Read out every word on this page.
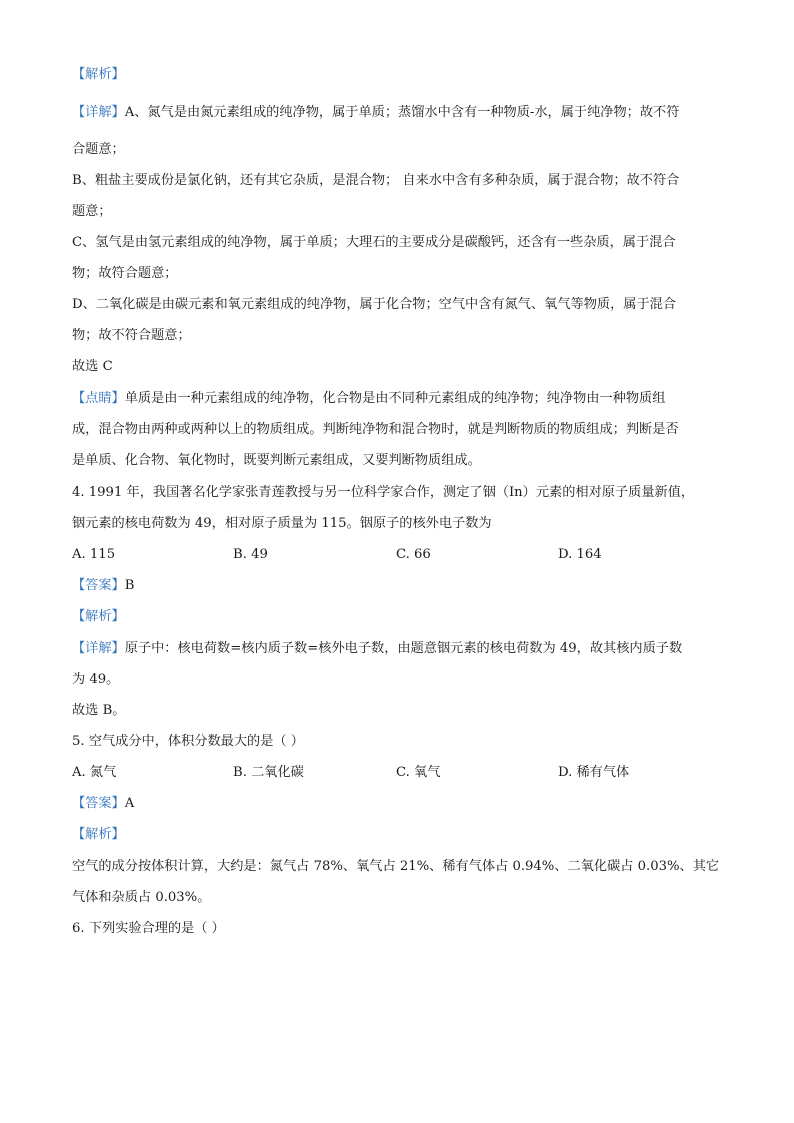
【解析】
【详解】A、氮气是由氮元素组成的纯净物，属于单质；蒸馏水中含有一种物质-水，属于纯净物；故不符
合题意；
B、粗盐主要成份是氯化钠，还有其它杂质，是混合物； 自来水中含有多种杂质，属于混合物；故不符合
题意；
C、氢气是由氢元素组成的纯净物，属于单质；大理石的主要成分是碳酸钙，还含有一些杂质，属于混合
物；故符合题意；
D、二氧化碳是由碳元素和氧元素组成的纯净物，属于化合物；空气中含有氮气、氧气等物质，属于混合
物；故不符合题意；
故选 C
【点睛】单质是由一种元素组成的纯净物，化合物是由不同种元素组成的纯净物；纯净物由一种物质组
成，混合物由两种或两种以上的物质组成。判断纯净物和混合物时，就是判断物质的物质组成；判断是否
是单质、化合物、氧化物时，既要判断元素组成，又要判断物质组成。
4. 1991 年，我国著名化学家张青莲教授与另一位科学家合作，测定了铟（In）元素的相对原子质量新值，
铟元素的核电荷数为 49，相对原子质量为 115。铟原子的核外电子数为
A. 115	B. 49	C. 66	D. 164
【答案】B
【解析】
【详解】原子中：核电荷数=核内质子数=核外电子数，由题意铟元素的核电荷数为 49，故其核内质子数
为 49。
故选 B。
5. 空气成分中，体积分数最大的是（ ）
A. 氮气	B. 二氧化碳	C. 氧气	D. 稀有气体
【答案】A
【解析】
空气的成分按体积计算，大约是：氮气占 78%、氧气占 21%、稀有气体占 0.94%、二氧化碳占 0.03%、其它
气体和杂质占 0.03%。
6. 下列实验合理的是（ ）
